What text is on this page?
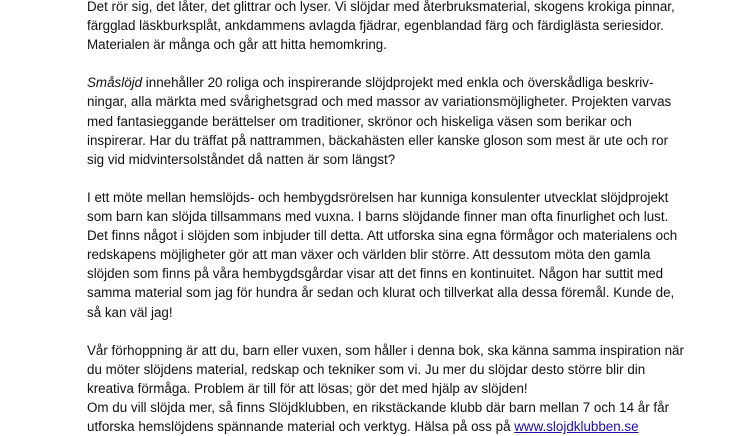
Det rör sig, det låter, det glittrar och lyser. Vi slöjdar med återbruksmaterial, skogens krokiga pinnar,
färgglad läskburksplåt, ankdammens avlagda fjädrar, egenblandad färg och färdiglästa seriesidor.
Materialen är många och går att hitta hemomkring.

Småslöjd innehåller 20 roliga och inspirerande slöjdprojekt med enkla och överskådliga beskriv-
ningar, alla märkta med svårighetsgrad och med massor av variationsmöjligheter. Projekten varvas
med fantasieggande berättelser om traditioner, skrönor och hiskeliga väsen som berikar och
inspirerar. Har du träffat på nattrammen, bäckahästen eller kanske gloson som mest är ute och ror
sig vid midvintersolståndet då natten är som längst?

I ett möte mellan hemslöjds- och hembygdsrörelsen har kunniga konsulenter utvecklat slöjdprojekt
som barn kan slöjda tillsammans med vuxna. I barns slöjdande finner man ofta finurlighet och lust.
Det finns något i slöjden som inbjuder till detta. Att utforska sina egna förmågor och materialens och
redskapens möjligheter gör att man växer och världen blir större. Att dessutom möta den gamla
slöjden som finns på våra hembygdsgårdar visar att det finns en kontinuitet. Någon har suttit med
samma material som jag för hundra år sedan och klurat och tillverkat alla dessa föremål. Kunde de,
så kan väl jag!

Vår förhoppning är att du, barn eller vuxen, som håller i denna bok, ska känna samma inspiration när
du möter slöjdens material, redskap och tekniker som vi. Ju mer du slöjdar desto större blir din
kreativa förmåga. Problem är till för att lösas; gör det med hjälp av slöjden!
Om du vill slöjda mer, så finns Slöjdklubben, en rikstäckande klubb där barn mellan 7 och 14 år får
utforska hemslöjdens spännande material och verktyg. Hälsa på oss på www.slojdklubben.se
